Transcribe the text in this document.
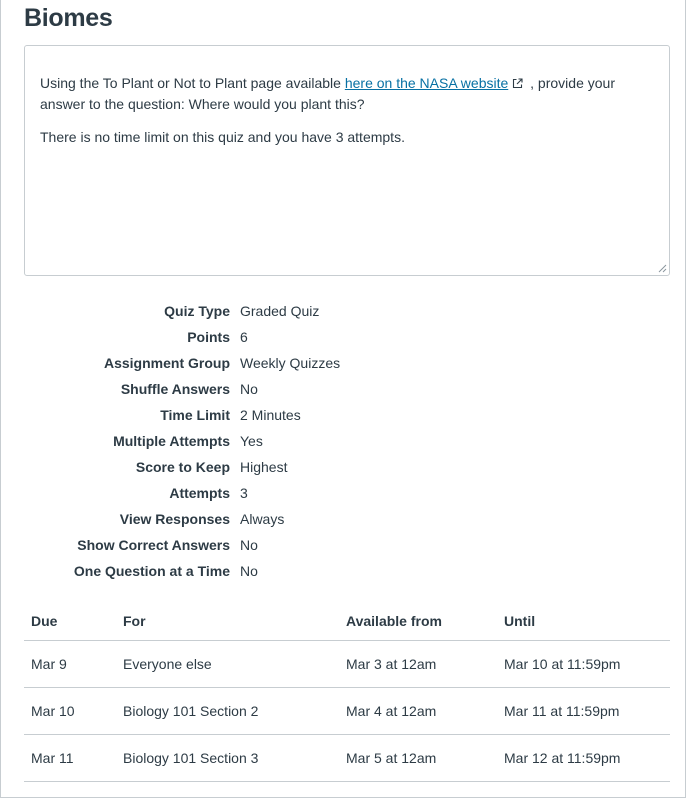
Biomes

Using the To Plant or Not to Plant page available here on the NASA website , provide your answer to the question: Where would you plant this?

There is no time limit on this quiz and you have 3 attempts.

Quiz Type Graded Quiz
Points 6
Assignment Group Weekly Quizzes
Shuffle Answers No
Time Limit 2 Minutes
Multiple Attempts Yes
Score to Keep Highest
Attempts 3
View Responses Always
Show Correct Answers No
One Question at a Time No
Due	For	Available from	Until
Mar 9	Everyone else	Mar 3 at 12am	Mar 10 at 11:59pm
Mar 10	Biology 101 Section 2	Mar 4 at 12am	Mar 11 at 11:59pm
Mar 11	Biology 101 Section 3	Mar 5 at 12am	Mar 12 at 11:59pm
